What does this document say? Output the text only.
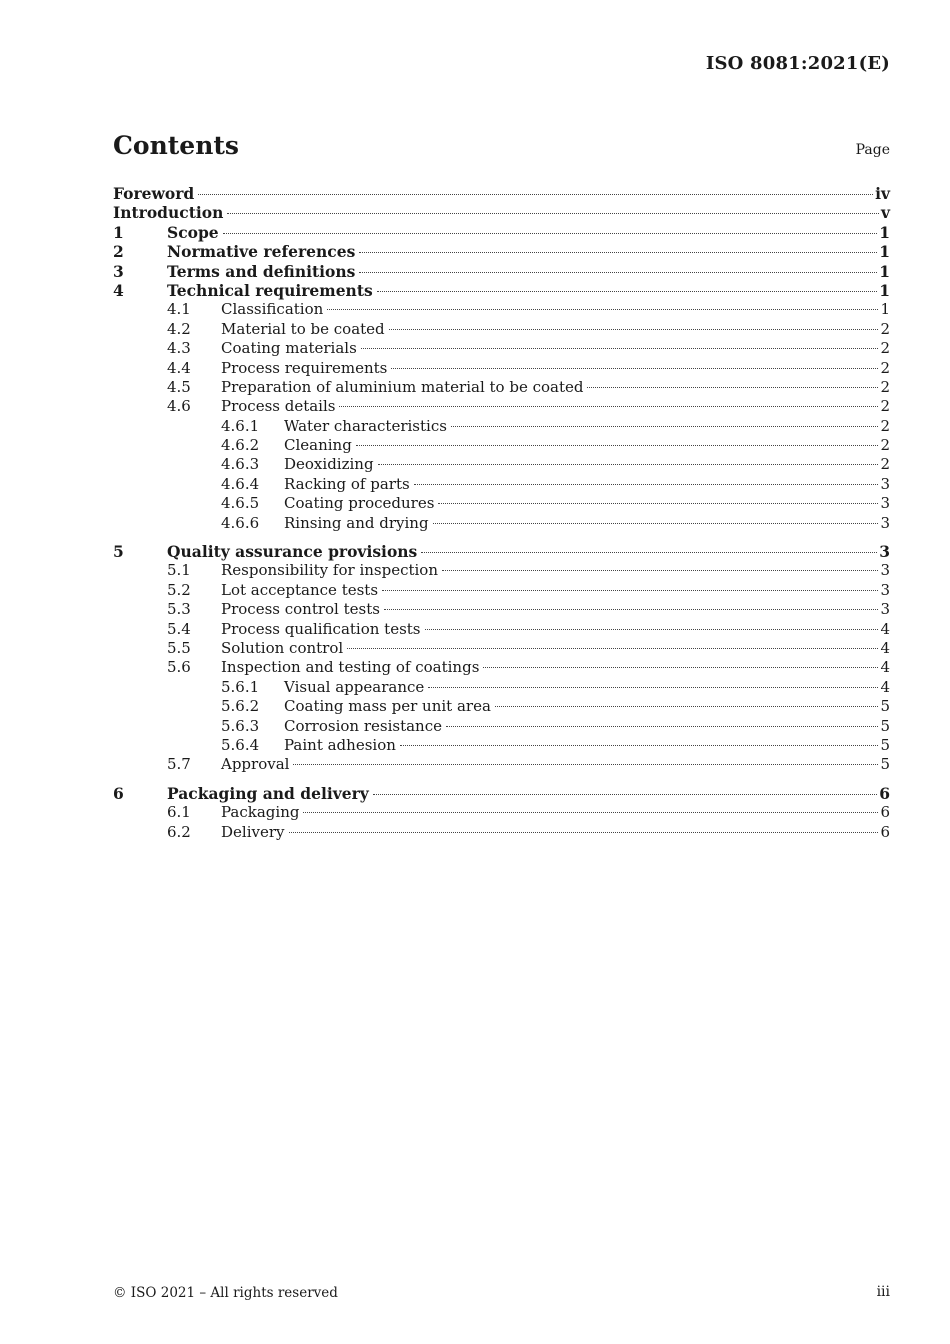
ISO 8081:2021(E)
Contents	Page
Foreword	iv
Introduction	v
1	Scope	1
2	Normative references	1
3	Terms and definitions	1
4	Technical requirements	1
4.1	Classification	1
4.2	Material to be coated	2
4.3	Coating materials	2
4.4	Process requirements	2
4.5	Preparation of aluminium material to be coated	2
4.6	Process details	2
4.6.1	Water characteristics	2
4.6.2	Cleaning	2
4.6.3	Deoxidizing	2
4.6.4	Racking of parts	3
4.6.5	Coating procedures	3
4.6.6	Rinsing and drying	3
5	Quality assurance provisions	3
5.1	Responsibility for inspection	3
5.2	Lot acceptance tests	3
5.3	Process control tests	3
5.4	Process qualification tests	4
5.5	Solution control	4
5.6	Inspection and testing of coatings	4
5.6.1	Visual appearance	4
5.6.2	Coating mass per unit area	5
5.6.3	Corrosion resistance	5
5.6.4	Paint adhesion	5
5.7	Approval	5
6	Packaging and delivery	6
6.1	Packaging	6
6.2	Delivery	6
© ISO 2021 – All rights reserved	iii
